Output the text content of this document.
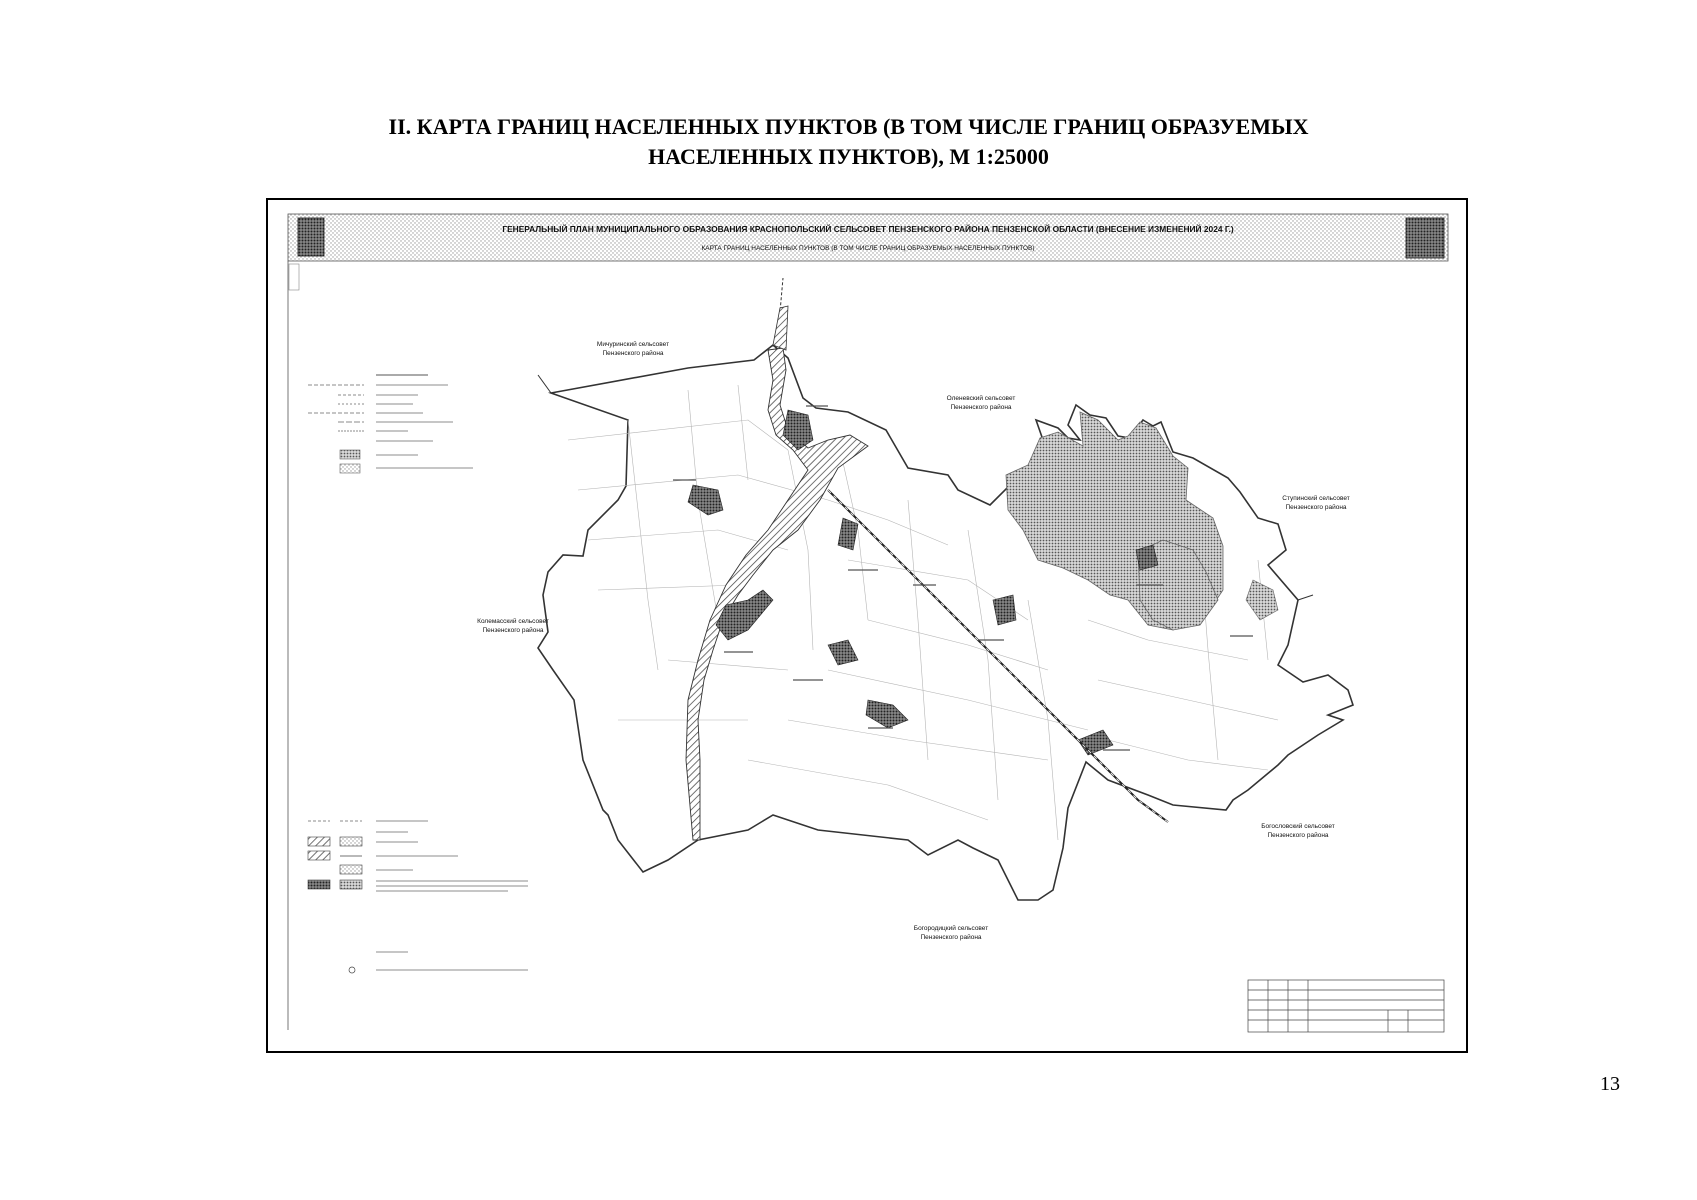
II. КАРТА ГРАНИЦ НАСЕЛЕННЫХ ПУНКТОВ (В ТОМ ЧИСЛЕ ГРАНИЦ ОБРАЗУЕМЫХ
НАСЕЛЕННЫХ ПУНКТОВ), М 1:25000
ГЕНЕРАЛЬНЫЙ ПЛАН МУНИЦИПАЛЬНОГО ОБРАЗОВАНИЯ КРАСНОПОЛЬСКИЙ СЕЛЬСОВЕТ ПЕНЗЕНСКОГО РАЙОНА ПЕНЗЕНСКОЙ ОБЛАСТИ (ВНЕСЕНИЕ ИЗМЕНЕНИЙ 2024 Г.)
КАРТА ГРАНИЦ НАСЕЛЕННЫХ ПУНКТОВ (В ТОМ ЧИСЛЕ ГРАНИЦ ОБРАЗУЕМЫХ НАСЕЛЕННЫХ ПУНКТОВ)
Мичуринский сельсовет
Пензенского района
Оленевский сельсовет
Пензенского района
Ступинский сельсовет
Пензенского района
Колемасский сельсовет
Пензенского района
Богословский сельсовет
Пензенского района
Богородицкий сельсовет
Пензенского района
13
